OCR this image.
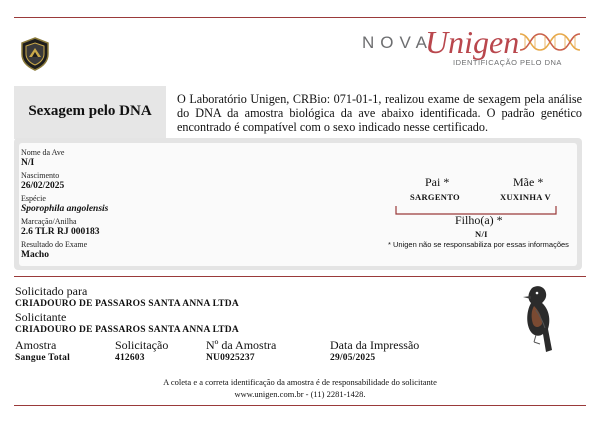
NOVA
Unigen
IDENTIFICAÇÃO PELO DNA
Sexagem pelo DNA
O Laboratório Unigen, CRBio: 071-01-1, realizou exame de sexagem pela análise do DNA da amostra biológica da ave abaixo identificada. O padrão genético encontrado é compatível com o sexo indicado nesse certificado.
Nome da Ave
N/I
Nascimento
26/02/2025
Espécie
Sporophila angolensis
Marcação/Anilha
2.6 TLR RJ 000183
Resultado do Exame
Macho
Pai *
SARGENTO
Mãe *
XUXINHA V
Filho(a) *
N/I
* Unigen não se responsabiliza por essas informações
Solicitado para
CRIADOURO DE PASSAROS SANTA ANNA LTDA
Solicitante
CRIADOURO DE PASSAROS SANTA ANNA LTDA
Amostra
Sangue Total
Solicitação
412603
Nº da Amostra
NU0925237
Data da Impressão
29/05/2025
A coleta e a correta identificação da amostra é de responsabilidade do solicitante
www.unigen.com.br - (11) 2281-1428.
